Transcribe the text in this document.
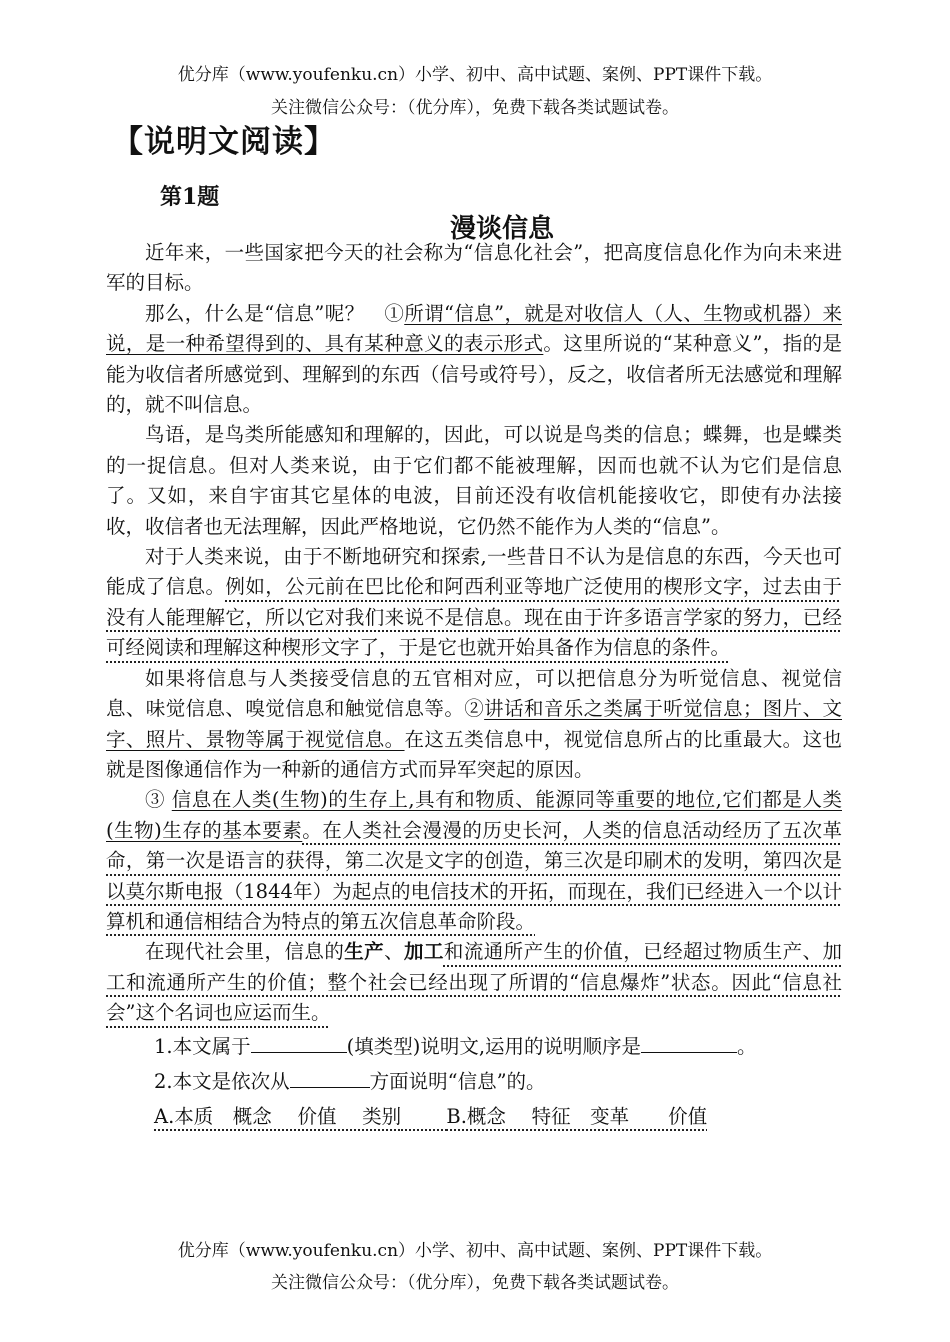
优分库（www.youfenku.cn）小学、初中、高中试题、案例、PPT课件下载。
关注微信公众号：（优分库），免费下载各类试题试卷。
【说明文阅读】
第1题
漫谈信息

近年来，一些国家把今天的社会称为“信息化社会”，把高度信息化作为向未来进军的目标。

那么，什么是“信息”呢？　①所谓“信息”，就是对收信人（人、生物或机器）来说，是一种希望得到的、具有某种意义的表示形式。这里所说的“某种意义”，指的是能为收信者所感觉到、理解到的东西（信号或符号），反之，收信者所无法感觉和理解的，就不叫信息。

鸟语，是鸟类所能感知和理解的，因此，可以说是鸟类的信息；蝶舞，也是蝶类的一捉信息。但对人类来说，由于它们都不能被理解，因而也就不认为它们是信息了。又如，来自宇宙其它星体的电波，目前还没有收信机能接收它，即使有办法接收，收信者也无法理解，因此严格地说，它仍然不能作为人类的“信息”。

对于人类来说，由于不断地研究和探索,一些昔日不认为是信息的东西，今天也可能成了信息。例如，公元前在巴比伦和阿西利亚等地广泛使用的楔形文字，过去由于没有人能理解它，所以它对我们来说不是信息。现在由于许多语言学家的努力，已经可经阅读和理解这种楔形文字了，于是它也就开始具备作为信息的条件。

如果将信息与人类接受信息的五官相对应，可以把信息分为听觉信息、视觉信息、味觉信息、嗅觉信息和触觉信息等。②讲话和音乐之类属于听觉信息；图片、文字、照片、景物等属于视觉信息。在这五类信息中，视觉信息所占的比重最大。这也就是图像通信作为一种新的通信方式而异军突起的原因。

③ 信息在人类(生物)的生存上,具有和物质、能源同等重要的地位,它们都是人类(生物)生存的基本要素。在人类社会漫漫的历史长河，人类的信息活动经历了五次革命，第一次是语言的获得，第二次是文字的创造，第三次是印刷术的发明，第四次是以莫尔斯电报（1844年）为起点的电信技术的开拓，而现在，我们已经进入一个以计算机和通信相结合为特点的第五次信息革命阶段。

在现代社会里，信息的生产、加工和流通所产生的价值，已经超过物质生产、加工和流通所产生的价值；整个社会已经出现了所谓的“信息爆炸”状态。因此“信息社会”这个名词也应运而生。

1.本文属于	(填类型)说明文,运用的说明顺序是	。
2.本文是依次从	方面说明“信息”的。
A.本质　概念　 价值　 类别　　 B.概念　 特征　变革　　价值
优分库（www.youfenku.cn）小学、初中、高中试题、案例、PPT课件下载。
关注微信公众号：（优分库），免费下载各类试题试卷。
